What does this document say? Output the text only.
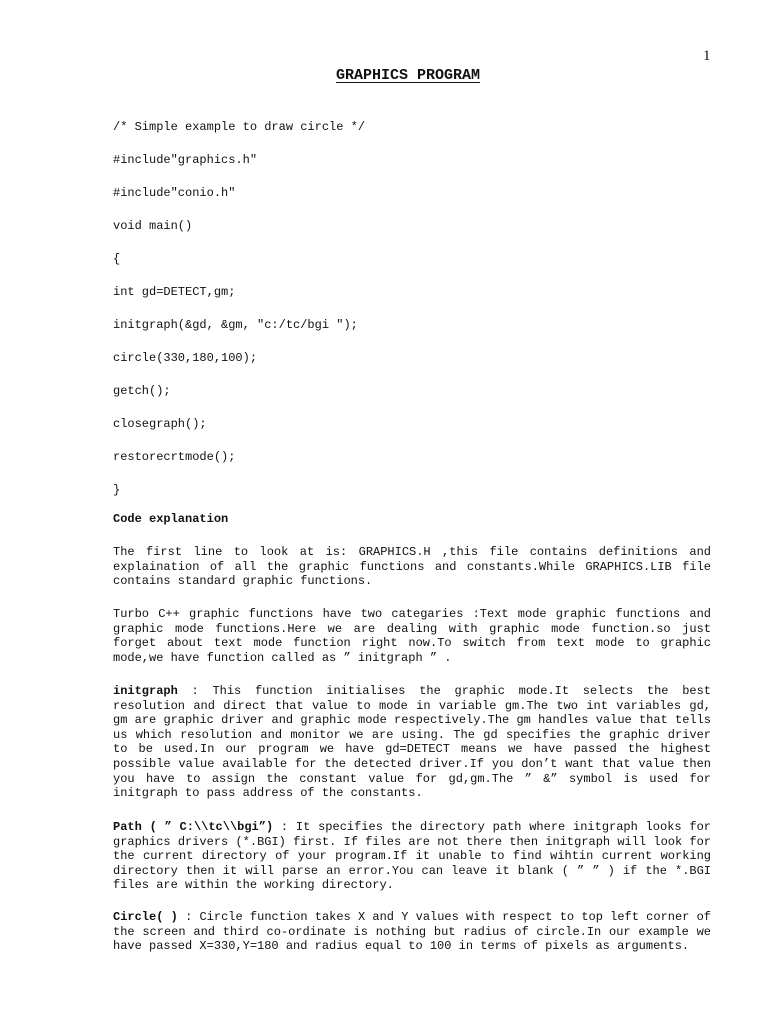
1
GRAPHICS PROGRAM
/* Simple example to draw circle */
#include"graphics.h"
#include"conio.h"
void main()
{
int gd=DETECT,gm;
initgraph(&gd, &gm, "c:/tc/bgi ");
circle(330,180,100);
getch();
closegraph();
restorecrtmode();
}
Code explanation
The first line to look at is: GRAPHICS.H ,this file contains definitions and explaination of all the graphic functions and constants.While GRAPHICS.LIB file contains standard graphic functions.
Turbo C++ graphic functions have two categaries :Text mode graphic functions and graphic mode functions.Here we are dealing with graphic mode function.so just forget about text mode function right now.To switch from text mode to graphic mode,we have function called as ” initgraph ” .
initgraph : This function initialises the graphic mode.It selects the best resolution and direct that value to mode in variable gm.The two int variables gd, gm are graphic driver and graphic mode respectively.The gm handles value that tells us which resolution and monitor we are using. The gd specifies the graphic driver to be used.In our program we have gd=DETECT means we have passed the highest possible value available for the detected driver.If you don’t want that value then you have to assign the constant value for gd,gm.The ” &” symbol is used for initgraph to pass address of the constants.
Path ( ” C:\\tc\\bgi”) : It specifies the directory path where initgraph looks for graphics drivers (*.BGI) first. If files are not there then initgraph will look for the current directory of your program.If it unable to find wihtin current working directory then it will parse an error.You can leave it blank ( ” ” ) if the *.BGI files are within the working directory.
Circle( ) : Circle function takes X and Y values with respect to top left corner of the screen and third co-ordinate is nothing but radius of circle.In our example we have passed X=330,Y=180 and radius equal to 100 in terms of pixels as arguments.
